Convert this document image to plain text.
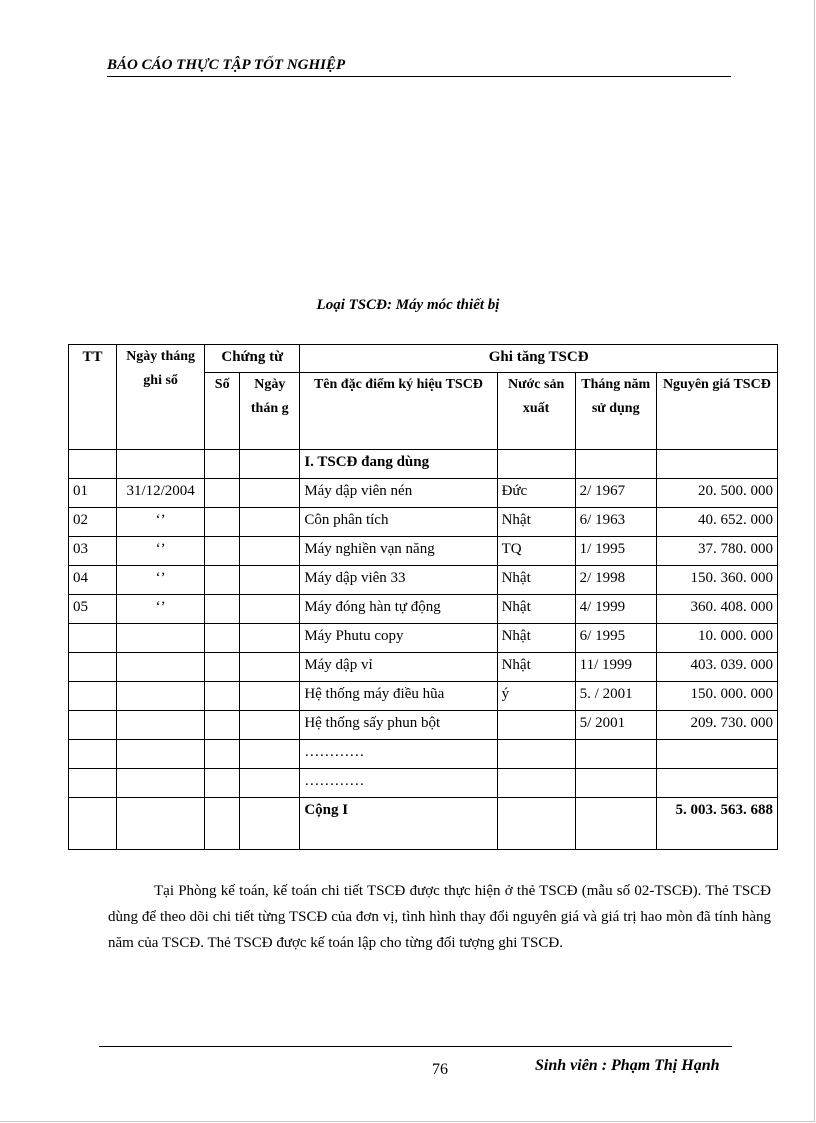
BÁO CÁO THỰC TẬP TỐT NGHIỆP
Loại TSCĐ: Máy móc thiết bị
TT	Ngày tháng ghi sổ	Chứng từ		Ghi tăng TSCĐ			
		Số	Ngày thán g	Tên đặc điểm ký hiệu TSCĐ	Nước sản xuất	Tháng năm sử dụng	Nguyên giá TSCĐ
				I. TSCĐ đang dùng			
01	31/12/2004			Máy dập viên nén	Đức	2/ 1967	20. 500. 000
02	‘’			Côn phân tích	Nhật	6/ 1963	40. 652. 000
03	‘’			Máy nghiền vạn năng	TQ	1/ 1995	37. 780. 000
04	‘’			Máy dập viên 33	Nhật	2/ 1998	150. 360. 000
05	‘’			Máy đóng hàn tự động	Nhật	4/ 1999	360. 408. 000
				Máy Phutu copy	Nhật	6/ 1995	10. 000. 000
				Máy dập vỉ	Nhật	11/ 1999	403. 039. 000
				Hệ thống máy điều hũa	ý	5. / 2001	150. 000. 000
				Hệ thống sấy phun bột		5/ 2001	209. 730. 000
				…………			
				…………			
				Cộng I			5. 003. 563. 688

Tại Phòng kế toán, kế toán chi tiết TSCĐ được thực hiện ở thẻ TSCĐ (mẫu số 02-TSCĐ). Thẻ TSCĐ dùng để theo dõi chi tiết từng TSCĐ của đơn vị, tình hình thay đổi nguyên giá và giá trị hao mòn đã tính hàng năm của TSCĐ. Thẻ TSCĐ được kế toán lập cho từng đối tượng ghi TSCĐ.

76	Sinh viên : Phạm Thị Hạnh
